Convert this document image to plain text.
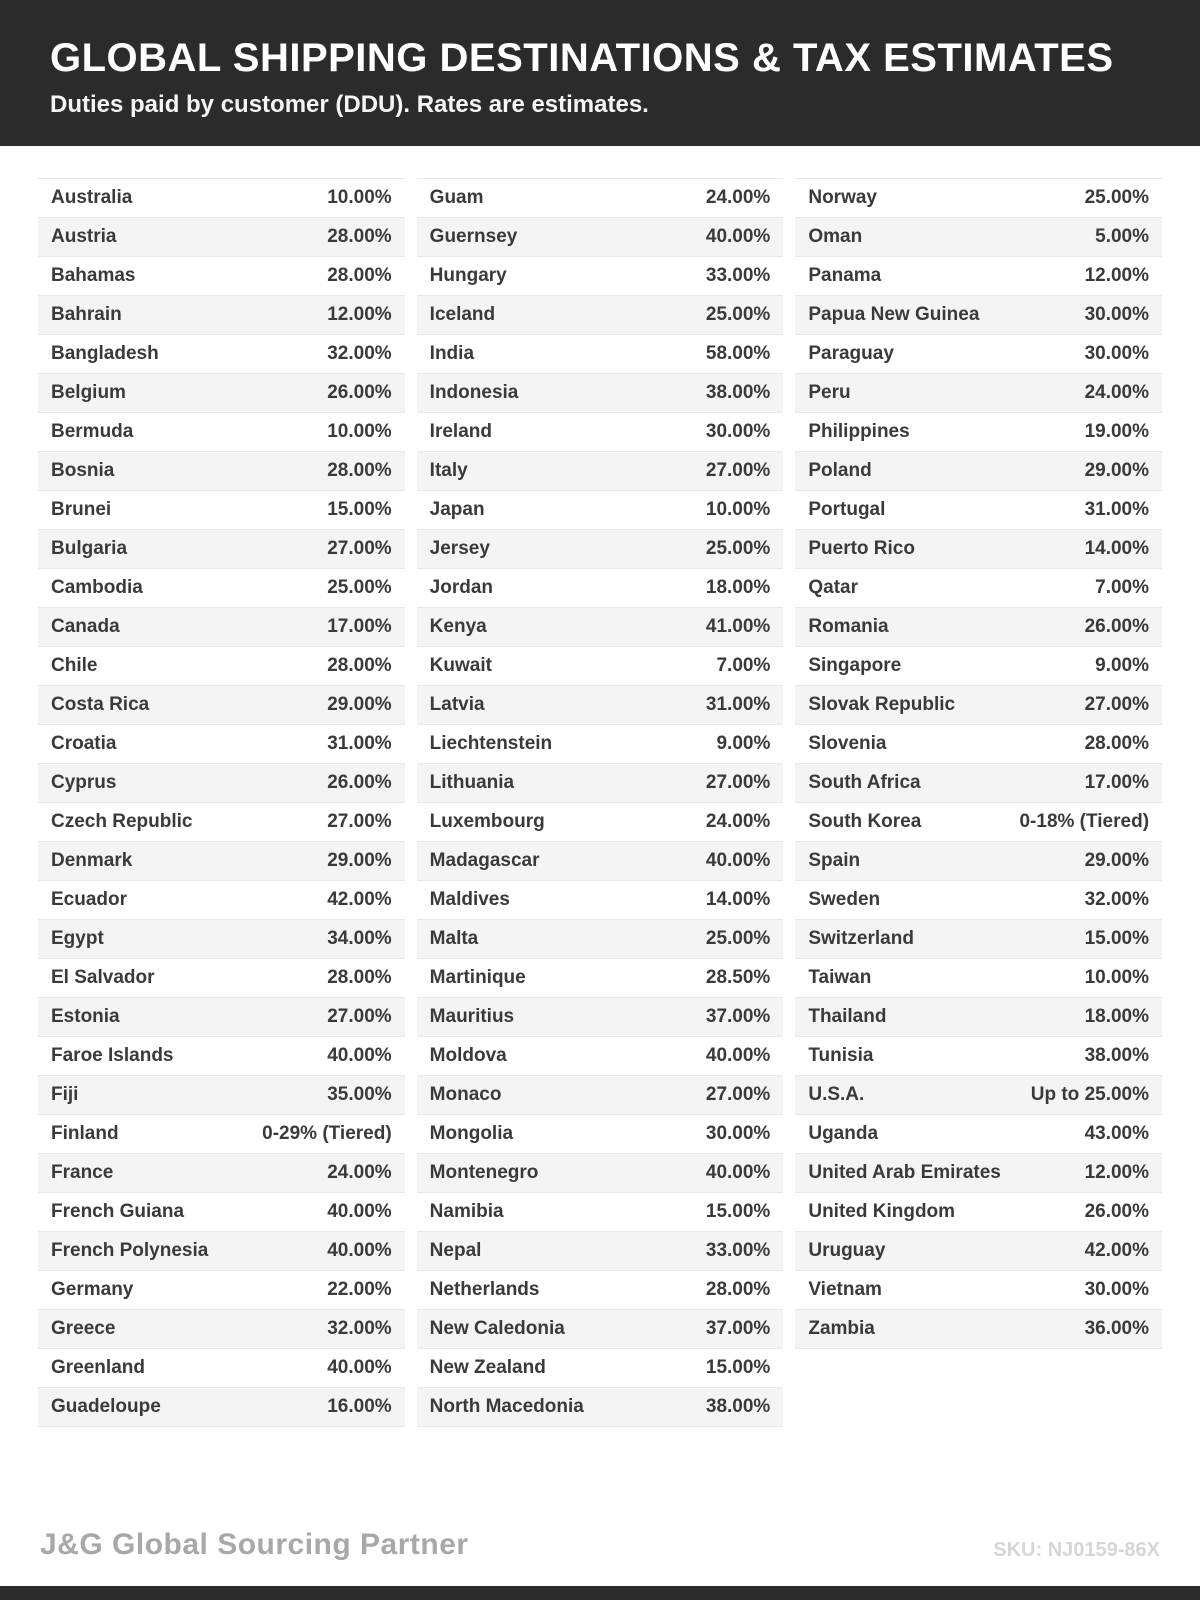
GLOBAL SHIPPING DESTINATIONS & TAX ESTIMATES
Duties paid by customer (DDU). Rates are estimates.
Australia	10.00%
Austria	28.00%
Bahamas	28.00%
Bahrain	12.00%
Bangladesh	32.00%
Belgium	26.00%
Bermuda	10.00%
Bosnia	28.00%
Brunei	15.00%
Bulgaria	27.00%
Cambodia	25.00%
Canada	17.00%
Chile	28.00%
Costa Rica	29.00%
Croatia	31.00%
Cyprus	26.00%
Czech Republic	27.00%
Denmark	29.00%
Ecuador	42.00%
Egypt	34.00%
El Salvador	28.00%
Estonia	27.00%
Faroe Islands	40.00%
Fiji	35.00%
Finland	0-29% (Tiered)
France	24.00%
French Guiana	40.00%
French Polynesia	40.00%
Germany	22.00%
Greece	32.00%
Greenland	40.00%
Guadeloupe	16.00%
Guam	24.00%
Guernsey	40.00%
Hungary	33.00%
Iceland	25.00%
India	58.00%
Indonesia	38.00%
Ireland	30.00%
Italy	27.00%
Japan	10.00%
Jersey	25.00%
Jordan	18.00%
Kenya	41.00%
Kuwait	7.00%
Latvia	31.00%
Liechtenstein	9.00%
Lithuania	27.00%
Luxembourg	24.00%
Madagascar	40.00%
Maldives	14.00%
Malta	25.00%
Martinique	28.50%
Mauritius	37.00%
Moldova	40.00%
Monaco	27.00%
Mongolia	30.00%
Montenegro	40.00%
Namibia	15.00%
Nepal	33.00%
Netherlands	28.00%
New Caledonia	37.00%
New Zealand	15.00%
North Macedonia	38.00%
Norway	25.00%
Oman	5.00%
Panama	12.00%
Papua New Guinea	30.00%
Paraguay	30.00%
Peru	24.00%
Philippines	19.00%
Poland	29.00%
Portugal	31.00%
Puerto Rico	14.00%
Qatar	7.00%
Romania	26.00%
Singapore	9.00%
Slovak Republic	27.00%
Slovenia	28.00%
South Africa	17.00%
South Korea	0-18% (Tiered)
Spain	29.00%
Sweden	32.00%
Switzerland	15.00%
Taiwan	10.00%
Thailand	18.00%
Tunisia	38.00%
U.S.A.	Up to 25.00%
Uganda	43.00%
United Arab Emirates	12.00%
United Kingdom	26.00%
Uruguay	42.00%
Vietnam	30.00%
Zambia	36.00%
J&G Global Sourcing Partner	SKU: NJ0159-86X
